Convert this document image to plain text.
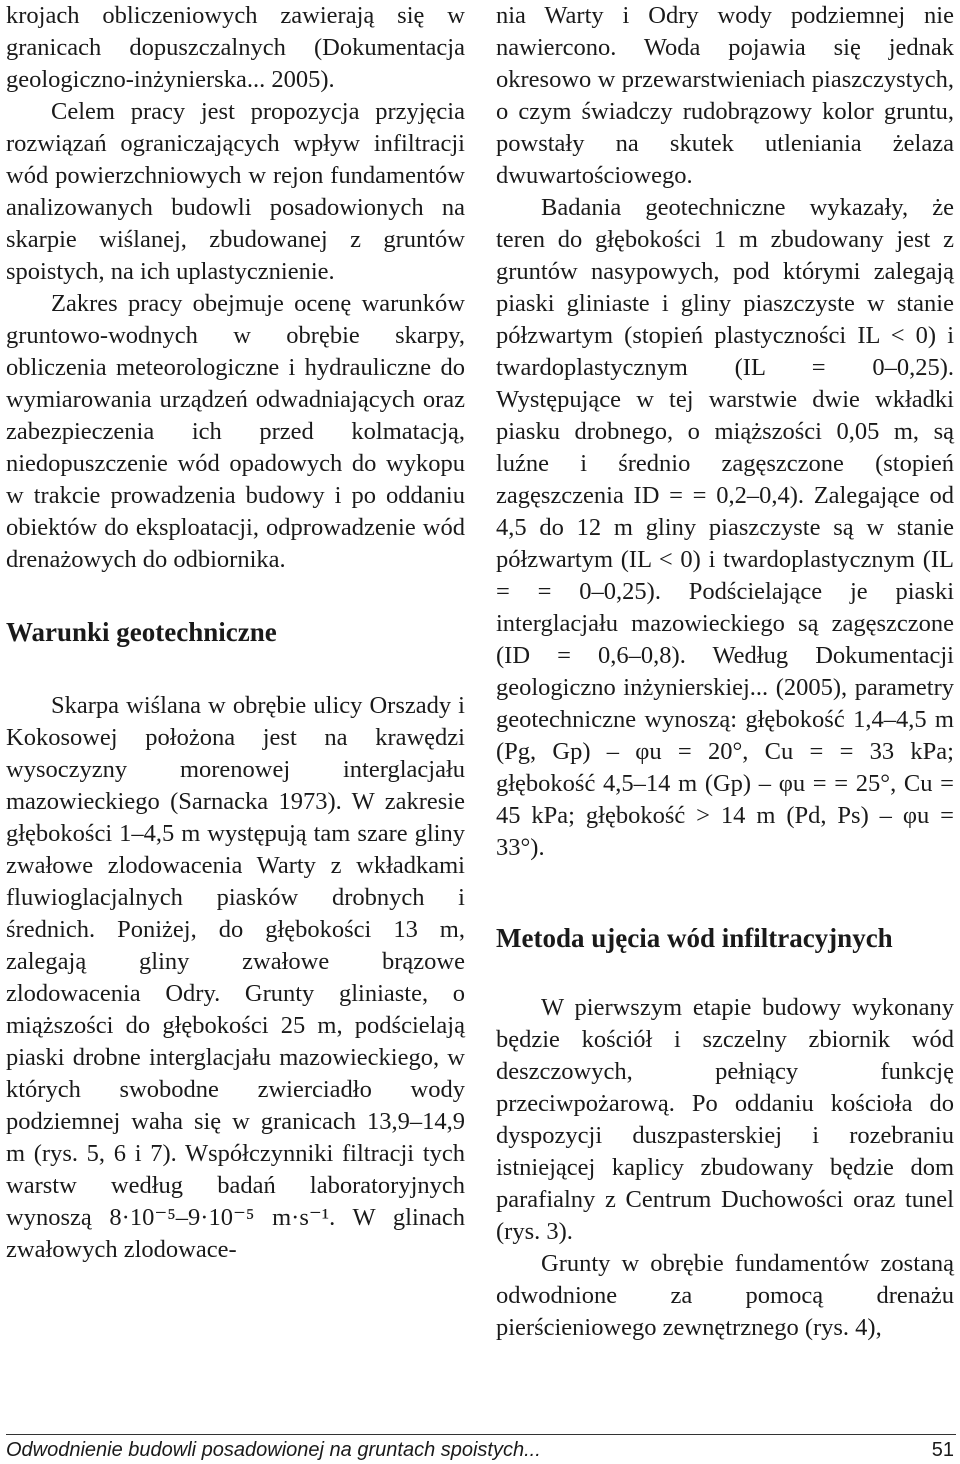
krojach obliczeniowych zawierają się w granicach dopuszczalnych (Dokumentacja geologiczno-inżynierska... 2005).

Celem pracy jest propozycja przyjęcia rozwiązań ograniczających wpływ infiltracji wód powierzchniowych w rejon fundamentów analizowanych budowli posadowionych na skarpie wiślanej, zbudowanej z gruntów spoistych, na ich uplastycznienie.

Zakres pracy obejmuje ocenę warunków gruntowo-wodnych w obrębie skarpy, obliczenia meteorologiczne i hydrauliczne do wymiarowania urządzeń odwadniających oraz zabezpieczenia ich przed kolmatacją, niedopuszczenie wód opadowych do wykopu w trakcie prowadzenia budowy i po oddaniu obiektów do eksploatacji, odprowadzenie wód drenażowych do odbiornika.

Warunki geotechniczne

Skarpa wiślana w obrębie ulicy Orszady i Kokosowej położona jest na krawędzi wysoczyzny morenowej interglacjału mazowieckiego (Sarnacka 1973). W zakresie głębokości 1–4,5 m występują tam szare gliny zwałowe zlodowacenia Warty z wkładkami fluwioglacjalnych piasków drobnych i średnich. Poniżej, do głębokości 13 m, zalegają gliny zwałowe brązowe zlodowacenia Odry. Grunty gliniaste, o miąższości do głębokości 25 m, podścielają piaski drobne interglacjału mazowieckiego, w których swobodne zwierciadło wody podziemnej waha się w granicach 13,9–14,9 m (rys. 5, 6 i 7). Współczynniki filtracji tych warstw według badań laboratoryjnych wynoszą 8·10⁻⁵–9·10⁻⁵ m·s⁻¹. W glinach zwałowych zlodowace-

nia Warty i Odry wody podziemnej nie nawiercono. Woda pojawia się jednak okresowo w przewarstwieniach piaszczystych, o czym świadczy rudobrązowy kolor gruntu, powstały na skutek utleniania żelaza dwuwartościowego.

Badania geotechniczne wykazały, że teren do głębokości 1 m zbudowany jest z gruntów nasypowych, pod którymi zalegają piaski gliniaste i gliny piaszczyste w stanie półzwartym (stopień plastyczności IL < 0) i twardoplastycznym (IL = 0–0,25). Występujące w tej warstwie dwie wkładki piasku drobnego, o miąższości 0,05 m, są luźne i średnio zagęszczone (stopień zagęszczenia ID = = 0,2–0,4). Zalegające od 4,5 do 12 m gliny piaszczyste są w stanie półzwartym (IL < 0) i twardoplastycznym (IL = = 0–0,25). Podścielające je piaski interglacjału mazowieckiego są zagęszczone (ID = 0,6–0,8). Według Dokumentacji geologiczno inżynierskiej... (2005), parametry geotechniczne wynoszą: głębokość 1,4–4,5 m (Pg, Gp) – φu = 20°, Cu = = 33 kPa; głębokość 4,5–14 m (Gp) – φu = = 25°, Cu = 45 kPa; głębokość > 14 m (Pd, Ps) – φu = 33°).

Metoda ujęcia wód infiltracyjnych

W pierwszym etapie budowy wykonany będzie kościół i szczelny zbiornik wód deszczowych, pełniący funkcję przeciwpożarową. Po oddaniu kościoła do dyspozycji duszpasterskiej i rozebraniu istniejącej kaplicy zbudowany będzie dom parafialny z Centrum Duchowości oraz tunel (rys. 3).

Grunty w obrębie fundamentów zostaną odwodnione za pomocą drenażu pierścieniowego zewnętrznego (rys. 4),

Odwodnienie budowli posadowionej na gruntach spoistych...	51
